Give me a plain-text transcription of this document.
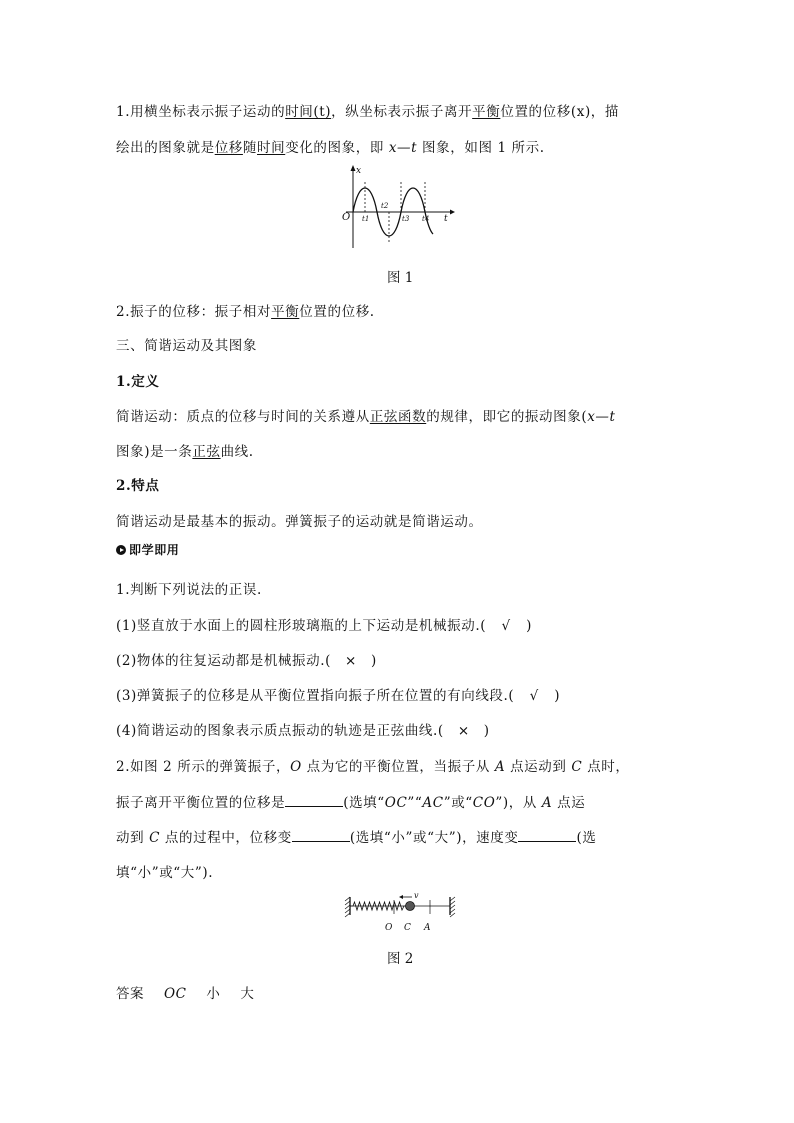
1.用横坐标表示振子运动的时间(t)，纵坐标表示振子离开平衡位置的位移(x)，描
绘出的图象就是位移随时间变化的图象，即 x—t 图象，如图 1 所示.
x
O	t
t1
t2
t3 t4
图 1
2.振子的位移：振子相对平衡位置的位移.
三、简谐运动及其图象
1.定义
简谐运动：质点的位移与时间的关系遵从正弦函数的规律，即它的振动图象(x—t
图象)是一条正弦曲线.
2.特点
简谐运动是最基本的振动。弹簧振子的运动就是简谐运动。
即学即用
1.判断下列说法的正误.
(1)竖直放于水面上的圆柱形玻璃瓶的上下运动是机械振动.( √ )
(2)物体的往复运动都是机械振动.( × )
(3)弹簧振子的位移是从平衡位置指向振子所在位置的有向线段.( √ )
(4)简谐运动的图象表示质点振动的轨迹是正弦曲线.( × )
2.如图 2 所示的弹簧振子，O 点为它的平衡位置，当振子从 A 点运动到 C 点时，
振子离开平衡位置的位移是	(选填“OC”“AC”或“CO”)，从 A 点运
动到 C 点的过程中，位移变	(选填“小”或“大”)，速度变	(选
填“小”或“大”).
v
O C A
图 2
答案 OC 小 大
